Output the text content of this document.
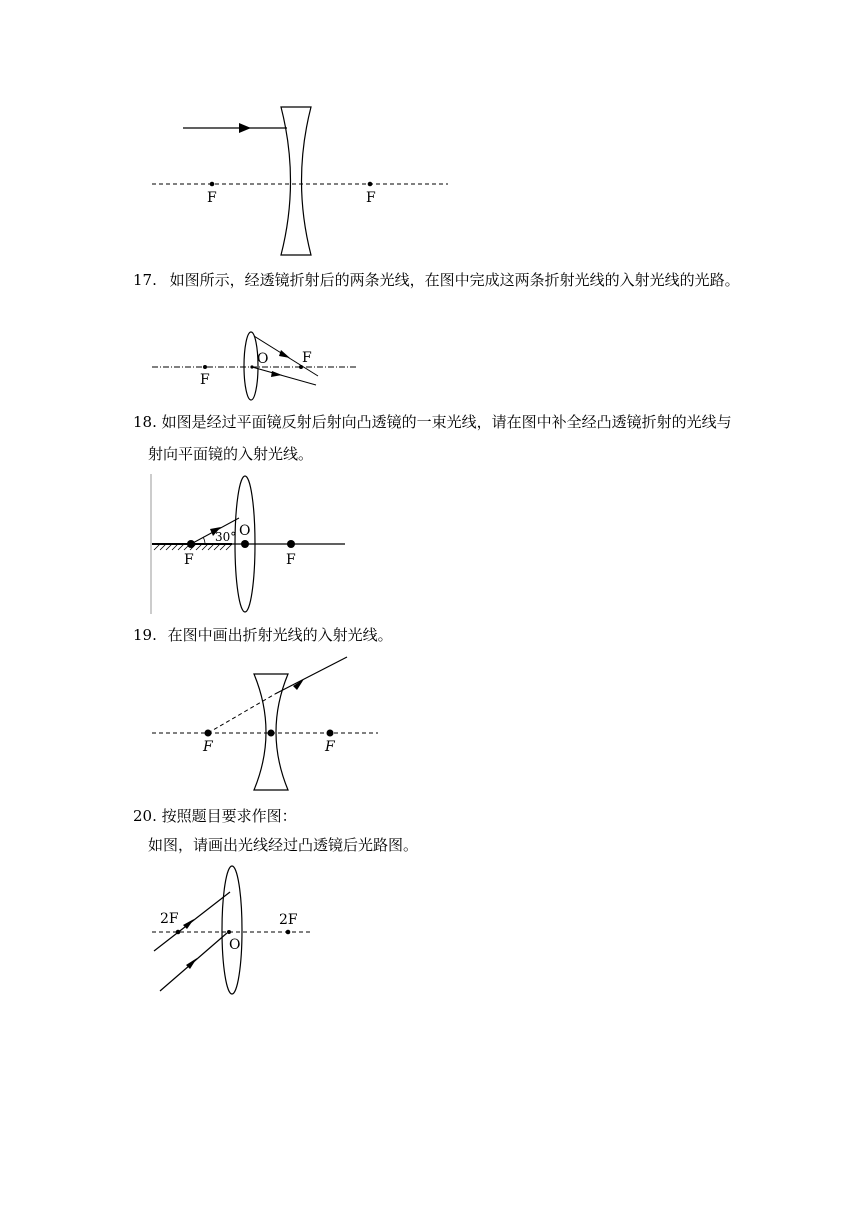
17. 如图所示，经透镜折射后的两条光线，在图中完成这两条折射光线的入射光线的光路。
18. 如图是经过平面镜反射后射向凸透镜的一束光线，请在图中补全经凸透镜折射的光线与
射向平面镜的入射光线。
19. 在图中画出折射光线的入射光线。
20. 按照题目要求作图：
如图，请画出光线经过凸透镜后光路图。
F	F
F
F
O
30° O
F	F
F	F
2F	2F
O
